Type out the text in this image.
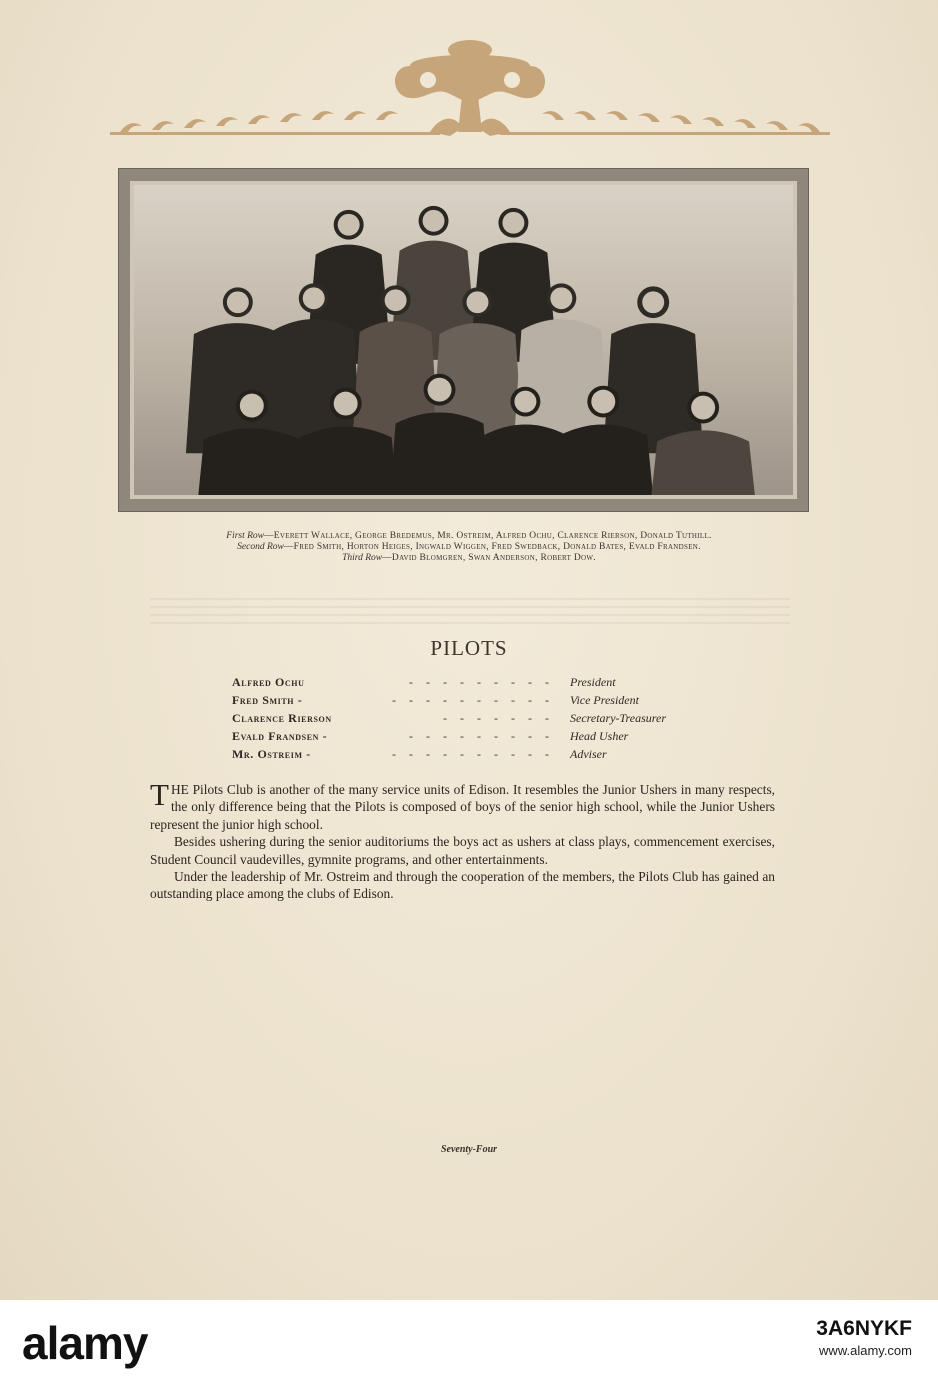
First Row—Everett Wallace, George Bredemus, Mr. Ostreim, Alfred Ochu, Clarence Rierson, Donald Tuthill.
Second Row—Fred Smith, Horton Heiges, Ingwald Wiggen, Fred Swedback, Donald Bates, Evald Frandsen.
Third Row—David Blomgren, Swan Anderson, Robert Dow.
PILOTS
Alfred Ochu	- - - - - - - - - President
Fred Smith -	- - - - - - - - - - Vice President
Clarence Rierson	- - - - - - - Secretary-Treasurer
Evald Frandsen -	- - - - - - - - - Head Usher
Mr. Ostreim -	- - - - - - - - - - Adviser

THE Pilots Club is another of the many service units of Edison. It resembles the Junior Ushers in many respects, the only difference being that the Pilots is composed of boys of the senior high school, while the Junior Ushers represent the junior high school.

Besides ushering during the senior auditoriums the boys act as ushers at class plays, commencement exercises, Student Council vaudevilles, gymnite programs, and other entertainments.

Under the leadership of Mr. Ostreim and through the cooperation of the members, the Pilots Club has gained an outstanding place among the clubs of Edison.

Seventy-Four
alamy	3A6NYKF
www.alamy.com
